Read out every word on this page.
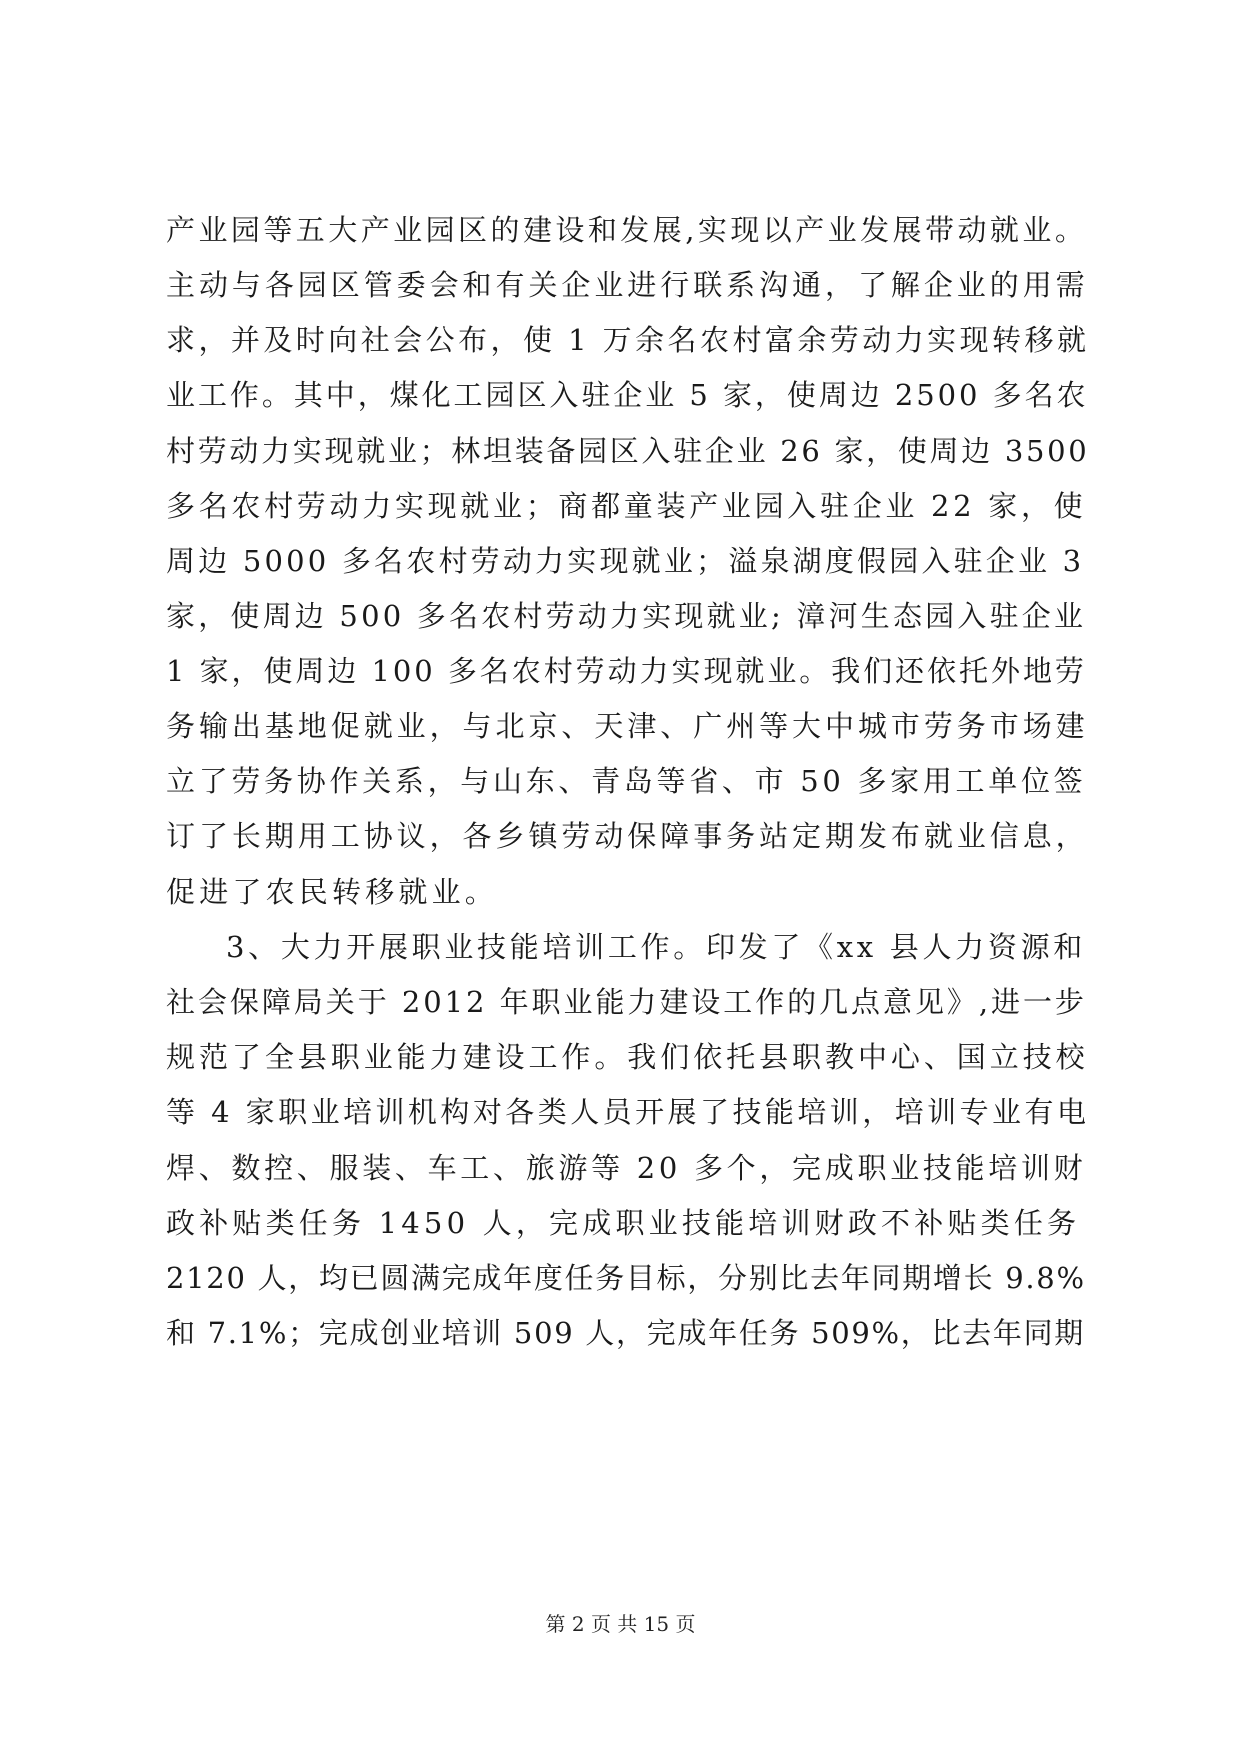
产业园等五大产业园区的建设和发展,实现以产业发展带动就业。
主动与各园区管委会和有关企业进行联系沟通，了解企业的用需
求，并及时向社会公布，使 1 万余名农村富余劳动力实现转移就
业工作。其中，煤化工园区入驻企业 5 家，使周边 2500 多名农
村劳动力实现就业；林坦装备园区入驻企业 26 家，使周边 3500
多名农村劳动力实现就业；商都童装产业园入驻企业 22 家，使
周边 5000 多名农村劳动力实现就业；溢泉湖度假园入驻企业 3
家，使周边 500 多名农村劳动力实现就业; 漳河生态园入驻企业
1 家，使周边 100 多名农村劳动力实现就业。我们还依托外地劳
务输出基地促就业，与北京、天津、广州等大中城市劳务市场建
立了劳务协作关系，与山东、青岛等省、市 50 多家用工单位签
订了长期用工协议，各乡镇劳动保障事务站定期发布就业信息，
促进了农民转移就业。
3、大力开展职业技能培训工作。印发了《xx 县人力资源和
社会保障局关于 2012 年职业能力建设工作的几点意见》,进一步
规范了全县职业能力建设工作。我们依托县职教中心、国立技校
等 4 家职业培训机构对各类人员开展了技能培训，培训专业有电
焊、数控、服装、车工、旅游等 20 多个，完成职业技能培训财
政补贴类任务 1450 人，完成职业技能培训财政不补贴类任务
2120 人，均已圆满完成年度任务目标，分别比去年同期增长 9.8%
和 7.1%；完成创业培训 509 人，完成年任务 509%，比去年同期
第 2 页 共 15 页
